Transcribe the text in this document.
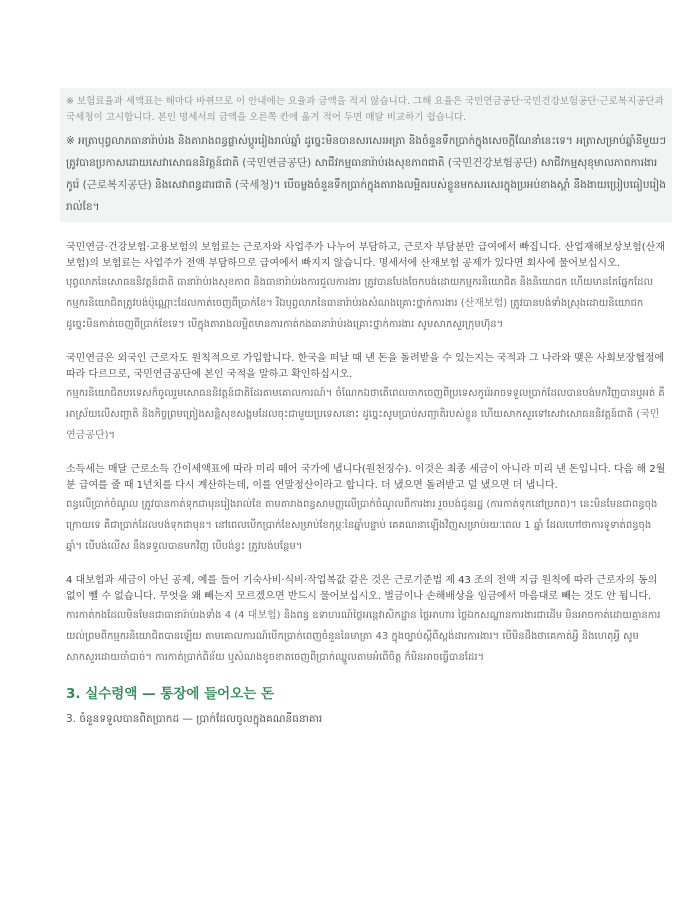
※ 보험료율과 세액표는 해마다 바뀌므로 이 안내에는 요율과 금액을 적지 않습니다. 그해 요율은 국민연금공단·국민건강보험공단·근로복지공단과 국세청이 고시합니다. 본인 명세서의 금액을 오른쪽 칸에 옮겨 적어 두면 매달 비교하기 쉽습니다.

※ អត្រាបុព្វលាភធានារ៉ាប់រង និងតារាងពន្ធផ្លាស់ប្តូររៀងរាល់ឆ្នាំ ដូច្នេះមិនបានសរសេរអត្រា និងចំនួនទឹកប្រាក់ក្នុងសេចក្តីណែនាំនេះទេ។ អត្រាសម្រាប់ឆ្នាំនីមួយៗ ត្រូវបានប្រកាសដោយសេវាសោធននិវត្តន៍ជាតិ (국민연금공단) សាជីវកម្មធានារ៉ាប់រងសុខភាពជាតិ (국민건강보험공단) សាជីវកម្មសុខុមាលភាពការងារកូរ៉េ (근로복지공단) និងសេវាពន្ធដារជាតិ (국세청)។ បើចម្លងចំនួនទឹកប្រាក់ក្នុងតារាងលម្អិតរបស់ខ្លួនមកសរសេរក្នុងប្រអប់ខាងស្តាំ នឹងងាយប្រៀបធៀបរៀងរាល់ខែ។

국민연금·건강보험·고용보험의 보험료는 근로자와 사업주가 나누어 부담하고, 근로자 부담분만 급여에서 빠집니다. 산업재해보상보험(산재보험)의 보험료는 사업주가 전액 부담하므로 급여에서 빠지지 않습니다. 명세서에 산재보험 공제가 있다면 회사에 물어보십시오.

បុព្វលាភនៃសោធននិវត្តន៍ជាតិ ធានារ៉ាប់រងសុខភាព និងធានារ៉ាប់រងការជួលការងារ ត្រូវបានបែងចែកបង់ដោយកម្មករនិយោជិត និងនិយោជក ហើយមានតែផ្នែកដែលកម្មករនិយោជិតត្រូវបង់ប៉ុណ្ណោះដែលកាត់ចេញពីប្រាក់ខែ។ រីឯបុព្វលាភនៃធានារ៉ាប់រងសំណងគ្រោះថ្នាក់ការងារ (산재보험) ត្រូវបានបង់ទាំងស្រុងដោយនិយោជក ដូច្នេះមិនកាត់ចេញពីប្រាក់ខែទេ។ បើក្នុងតារាងលម្អិតមានការកាត់កងធានារ៉ាប់រងគ្រោះថ្នាក់ការងារ សូមសាកសួរក្រុមហ៊ុន។

국민연금은 외국인 근로자도 원칙적으로 가입합니다. 한국을 떠날 때 낸 돈을 돌려받을 수 있는지는 국적과 그 나라와 맺은 사회보장협정에 따라 다르므로, 국민연금공단에 본인 국적을 말하고 확인하십시오.

កម្មករនិយោជិតបរទេសក៏ចូលរួមសោធននិវត្តន៍ជាតិដែរតាមគោលការណ៍។ ចំណែកឯថាតើពេលចាកចេញពីប្រទេសកូរ៉េអាចទទួលប្រាក់ដែលបានបង់មកវិញបានឬអត់ គឺអាស្រ័យលើសញ្ជាតិ និងកិច្ចព្រមព្រៀងសន្តិសុខសង្គមដែលចុះជាមួយប្រទេសនោះ ដូច្នេះសូមប្រាប់សញ្ជាតិរបស់ខ្លួន ហើយសាកសួរទៅសេវាសោធននិវត្តន៍ជាតិ (국민연금공단)។

소득세는 매달 근로소득 간이세액표에 따라 미리 떼어 국가에 냅니다(원천징수). 이것은 최종 세금이 아니라 미리 낸 돈입니다. 다음 해 2월분 급여를 줄 때 1년치를 다시 계산하는데, 이를 연말정산이라고 합니다. 더 냈으면 돌려받고 덜 냈으면 더 냅니다.

ពន្ធលើប្រាក់ចំណូល ត្រូវបានកាត់ទុកជាមុនរៀងរាល់ខែ តាមតារាងពន្ធសាមញ្ញលើប្រាក់ចំណូលពីការងារ រួចបង់ជូនរដ្ឋ (ការកាត់ទុកនៅប្រភព)។ នេះមិនមែនជាពន្ធចុងក្រោយទេ គឺជាប្រាក់ដែលបង់ទុកជាមុន។ នៅពេលបើកប្រាក់ខែសម្រាប់ខែកុម្ភៈនៃឆ្នាំបន្ទាប់ គេគណនាឡើងវិញសម្រាប់រយៈពេល 1 ឆ្នាំ ដែលហៅថាការទូទាត់ពន្ធចុងឆ្នាំ។ បើបង់លើស នឹងទទួលបានមកវិញ បើបង់ខ្វះ ត្រូវបង់បន្ថែម។

4 대보험과 세금이 아닌 공제, 예를 들어 기숙사비·식비·작업복값 같은 것은 근로기준법 제 43 조의 전액 지급 원칙에 따라 근로자의 동의 없이 뺄 수 없습니다. 무엇을 왜 빼는지 모르겠으면 반드시 물어보십시오. 벌금이나 손해배상을 임금에서 마음대로 빼는 것도 안 됩니다.

ការកាត់កងដែលមិនមែនជាធានារ៉ាប់រងទាំង 4 (4 대보험) និងពន្ធ ឧទាហរណ៍ថ្លៃអន្តេវាសិកដ្ឋាន ថ្លៃអាហារ ថ្លៃឯកសណ្ឋានការងារជាដើម មិនអាចកាត់ដោយគ្មានការយល់ព្រមពីកម្មករនិយោជិតបានឡើយ តាមគោលការណ៍បើកប្រាក់ពេញចំនួននៃមាត្រា 43 ក្នុងច្បាប់ស្តីពីស្តង់ដារការងារ។ បើមិនដឹងថាគេកាត់អ្វី និងហេតុអ្វី សូមសាកសួរដោយចាំបាច់។ ការកាត់ប្រាក់ពិន័យ ឬសំណងខូចខាតចេញពីប្រាក់ឈ្នួលតាមអំពើចិត្ត ក៏មិនអាចធ្វើបានដែរ។

3. 실수령액 — 통장에 들어오는 돈

3. ចំនួនទទួលបានពិតប្រាកដ — ប្រាក់ដែលចូលក្នុងគណនីធនាគារ
